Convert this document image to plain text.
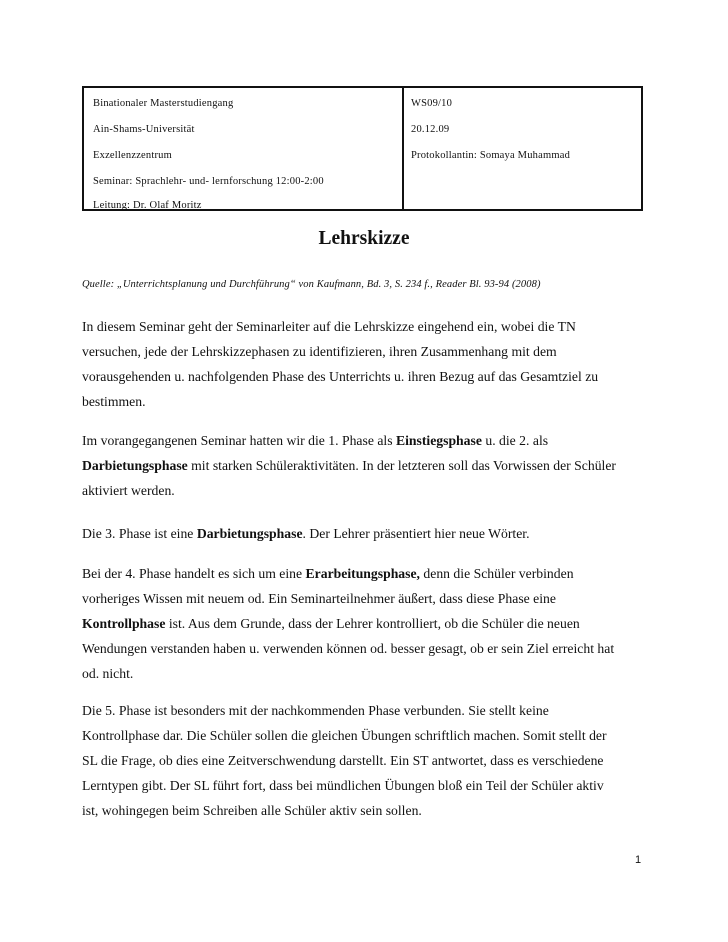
Binationaler Masterstudiengang
Ain-Shams-Universität
Exzellenzzentrum
Seminar: Sprachlehr- und- lernforschung 12:00-2:00
Leitung: Dr. Olaf Moritz
WS09/10
20.12.09
Protokollantin: Somaya Muhammad
Lehrskizze
Quelle: „Unterrichtsplanung und Durchführung“ von Kaufmann, Bd. 3, S. 234 f., Reader Bl. 93-94 (2008)
In diesem Seminar geht der Seminarleiter auf die Lehrskizze eingehend ein, wobei die TN
versuchen, jede der Lehrskizzephasen zu identifizieren, ihren Zusammenhang mit dem
vorausgehenden u. nachfolgenden Phase des Unterrichts u. ihren Bezug auf das Gesamtziel zu
bestimmen.
Im vorangegangenen Seminar hatten wir die 1. Phase als Einstiegsphase u. die 2. als
Darbietungsphase mit starken Schüleraktivitäten. In der letzteren soll das Vorwissen der Schüler
aktiviert werden.
Die 3. Phase ist eine Darbietungsphase. Der Lehrer präsentiert hier neue Wörter.
Bei der 4. Phase handelt es sich um eine Erarbeitungsphase, denn die Schüler verbinden
vorheriges Wissen mit neuem od. Ein Seminarteilnehmer äußert, dass diese Phase eine
Kontrollphase ist. Aus dem Grunde, dass der Lehrer kontrolliert, ob die Schüler die neuen
Wendungen verstanden haben u. verwenden können od. besser gesagt, ob er sein Ziel erreicht hat
od. nicht.
Die 5. Phase ist besonders mit der nachkommenden Phase verbunden. Sie stellt keine
Kontrollphase dar. Die Schüler sollen die gleichen Übungen schriftlich machen. Somit stellt der
SL die Frage, ob dies eine Zeitverschwendung darstellt. Ein ST antwortet, dass es verschiedene
Lerntypen gibt. Der SL führt fort, dass bei mündlichen Übungen bloß ein Teil der Schüler aktiv
ist, wohingegen beim Schreiben alle Schüler aktiv sein sollen.
1
